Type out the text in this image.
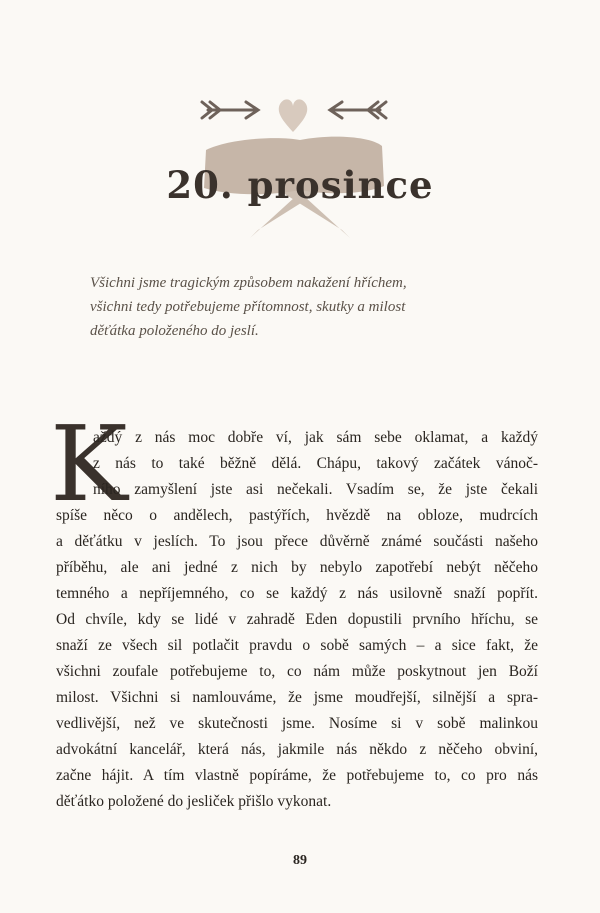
20. prosince
Všichni jsme tragickým způsobem nakažení hříchem,
všichni tedy potřebujeme přítomnost, skutky a milost
děťátka položeného do jeslí.
K
aždý z nás moc dobře ví, jak sám sebe oklamat, a každý
z nás to také běžně dělá. Chápu, takový začátek vánoč-
ního zamyšlení jste asi nečekali. Vsadím se, že jste čekali
spíše něco o andělech, pastýřích, hvězdě na obloze, mudrcích
a děťátku v jeslích. To jsou přece důvěrně známé součásti našeho
příběhu, ale ani jedné z nich by nebylo zapotřebí nebýt něčeho
temného a nepříjemného, co se každý z nás usilovně snaží popřít.
Od chvíle, kdy se lidé v zahradě Eden dopustili prvního hříchu, se
snaží ze všech sil potlačit pravdu o sobě samých – a sice fakt, že
všichni zoufale potřebujeme to, co nám může poskytnout jen Boží
milost. Všichni si namlouváme, že jsme moudřejší, silnější a spra-
vedlivější, než ve skutečnosti jsme. Nosíme si v sobě malinkou
advokátní kancelář, která nás, jakmile nás někdo z něčeho obviní,
začne hájit. A tím vlastně popíráme, že potřebujeme to, co pro nás
děťátko položené do jesliček přišlo vykonat.
89
